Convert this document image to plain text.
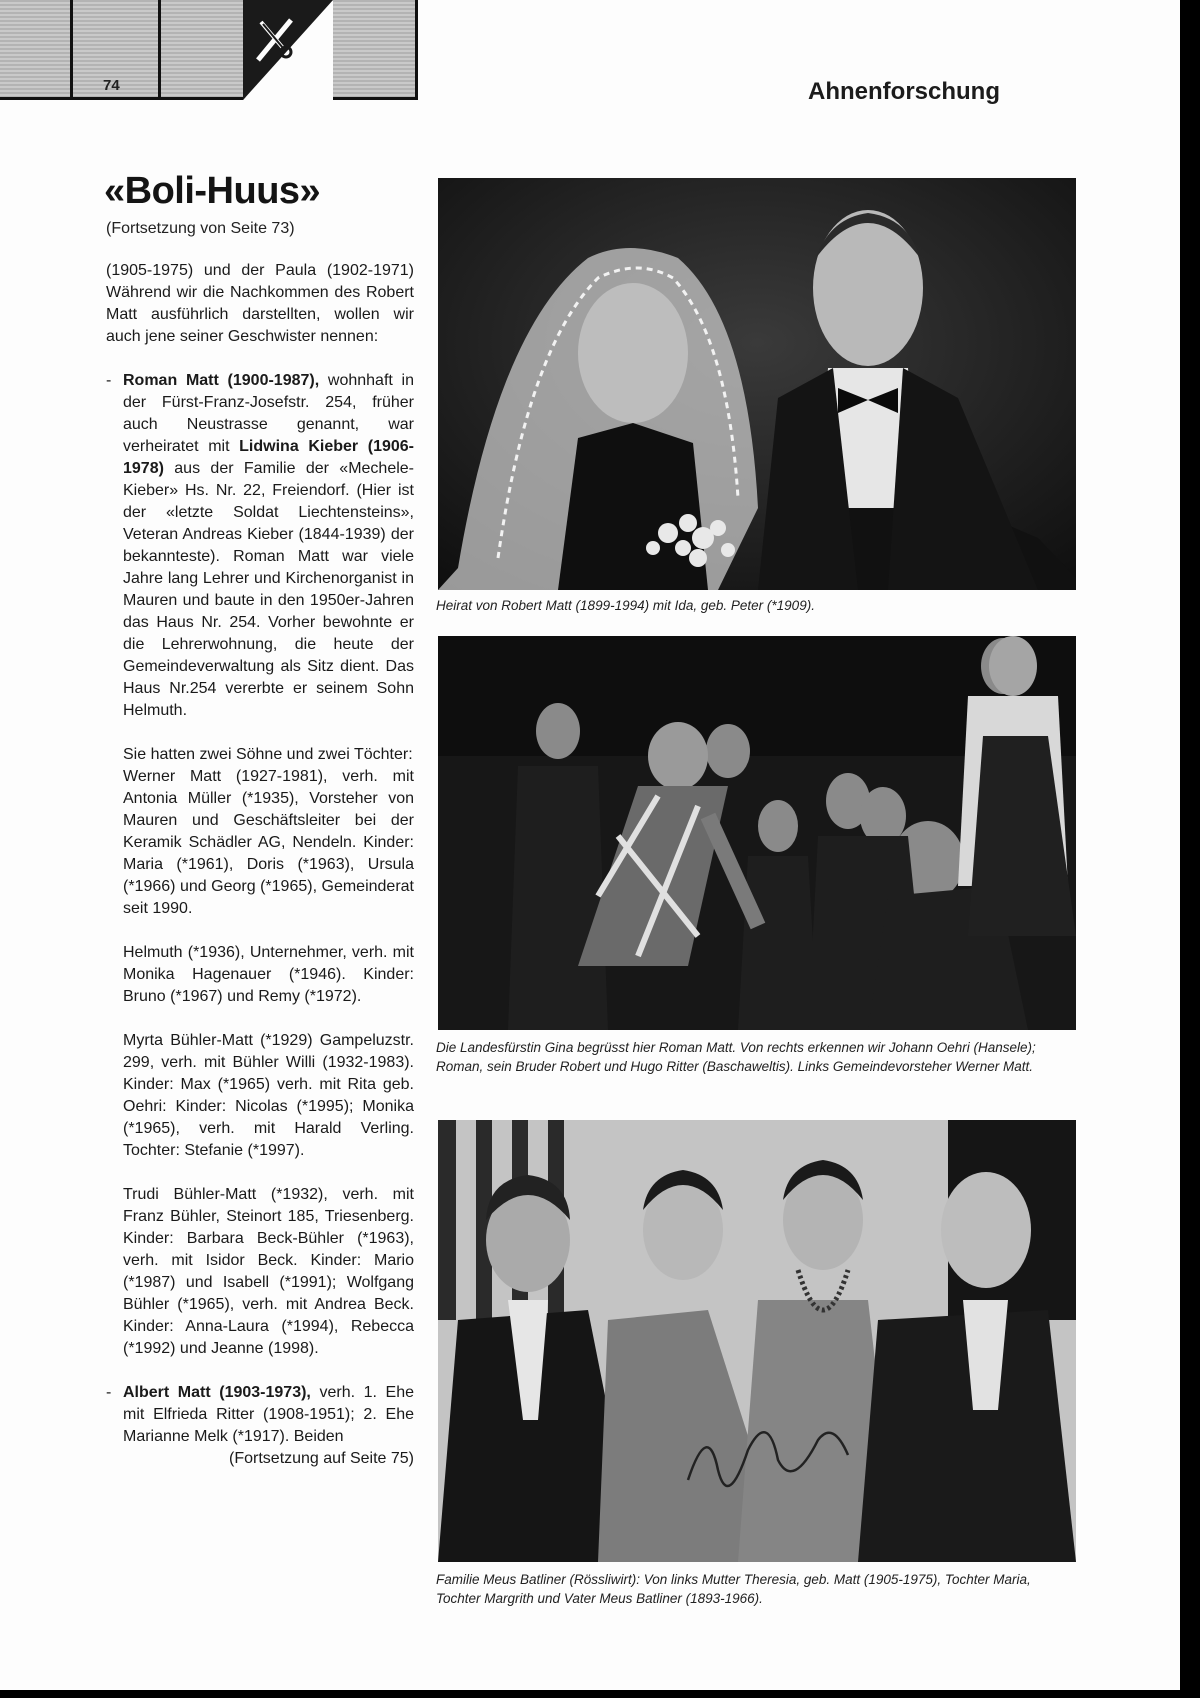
74	Ahnenforschung
«Boli-Huus»
(Fortsetzung von Seite 73)

(1905-1975) und der Paula (1902-1971) Während wir die Nachkommen des Robert Matt ausführlich darstellten, wollen wir auch jene seiner Geschwister nennen:

- Roman Matt (1900-1987), wohnhaft in der Fürst-Franz-Josefstr. 254, früher auch Neustrasse genannt, war verheiratet mit Lidwina Kieber (1906-1978) aus der Familie der «Mechele-Kieber» Hs. Nr. 22, Freiendorf. (Hier ist der «letzte Soldat Liechtensteins», Veteran Andreas Kieber (1844-1939) der bekannteste). Roman Matt war viele Jahre lang Lehrer und Kirchenorganist in Mauren und baute in den 1950er-Jahren das Haus Nr. 254. Vorher bewohnte er die Lehrerwohnung, die heute der Gemeindeverwaltung als Sitz dient. Das Haus Nr.254 vererbte er seinem Sohn Helmuth.

Sie hatten zwei Söhne und zwei Töchter:

Werner Matt (1927-1981), verh. mit Antonia Müller (*1935), Vorsteher von Mauren und Geschäftsleiter bei der Keramik Schädler AG, Nendeln. Kinder: Maria (*1961), Doris (*1963), Ursula (*1966) und Georg (*1965), Gemeinderat seit 1990.

Helmuth (*1936), Unternehmer, verh. mit Monika Hagenauer (*1946). Kinder: Bruno (*1967) und Remy (*1972).

Myrta Bühler-Matt (*1929) Gampeluzstr. 299, verh. mit Bühler Willi (1932-1983). Kinder: Max (*1965) verh. mit Rita geb. Oehri: Kinder: Nicolas (*1995); Monika (*1965), verh. mit Harald Verling. Tochter: Stefanie (*1997).

Trudi Bühler-Matt (*1932), verh. mit Franz Bühler, Steinort 185, Triesenberg. Kinder: Barbara Beck-Bühler (*1963), verh. mit Isidor Beck. Kinder: Mario (*1987) und Isabell (*1991); Wolfgang Bühler (*1965), verh. mit Andrea Beck. Kinder: Anna-Laura (*1994), Rebecca (*1992) und Jeanne (1998).

- Albert Matt (1903-1973), verh. 1. Ehe mit Elfrieda Ritter (1908-1951); 2. Ehe Marianne Melk (*1917). Beiden

(Fortsetzung auf Seite 75)

Heirat von Robert Matt (1899-1994) mit Ida, geb. Peter (*1909).
Die Landesfürstin Gina begrüsst hier Roman Matt. Von rechts erkennen wir Johann Oehri (Hansele); Roman, sein Bruder Robert und Hugo Ritter (Baschaweltis). Links Gemeindevorsteher Werner Matt.
Familie Meus Batliner (Rössliwirt): Von links Mutter Theresia, geb. Matt (1905-1975), Tochter Maria, Tochter Margrith und Vater Meus Batliner (1893-1966).
